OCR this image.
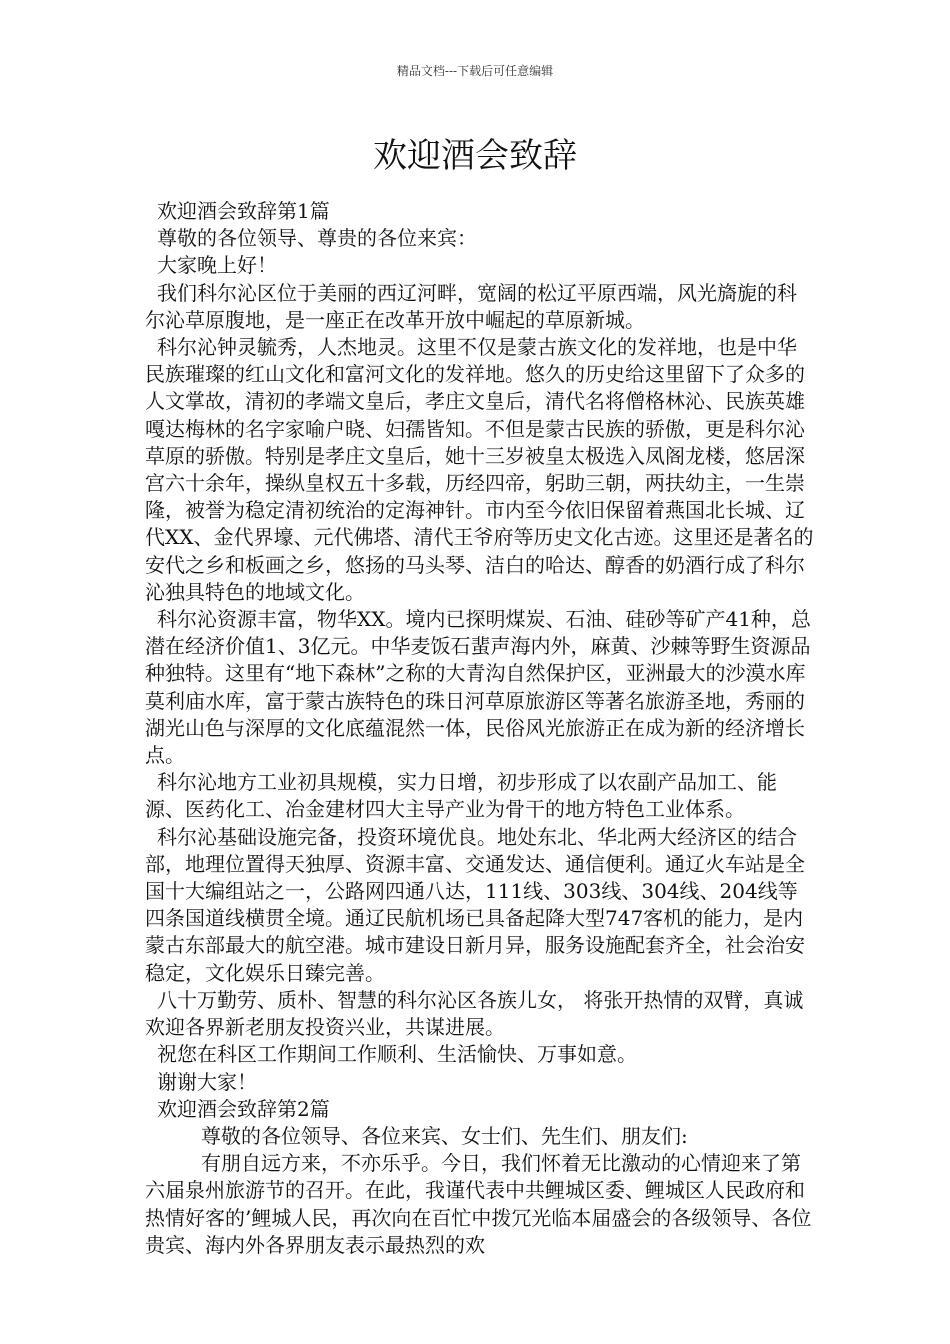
精品文档---下载后可任意编辑
欢迎酒会致辞

欢迎酒会致辞第1篇

尊敬的各位领导、尊贵的各位来宾：

大家晚上好！

我们科尔沁区位于美丽的西辽河畔，宽阔的松辽平原西端，风光旖旎的科尔沁草原腹地，是一座正在改革开放中崛起的草原新城。

科尔沁钟灵毓秀，人杰地灵。这里不仅是蒙古族文化的发祥地，也是中华民族璀璨的红山文化和富河文化的发祥地。悠久的历史给这里留下了众多的人文掌故，清初的孝端文皇后，孝庄文皇后，清代名将僧格林沁、民族英雄嘎达梅林的名字家喻户晓、妇孺皆知。不但是蒙古民族的骄傲，更是科尔沁草原的骄傲。特别是孝庄文皇后，她十三岁被皇太极选入凤阁龙楼，悠居深宫六十余年，操纵皇权五十多载，历经四帝，躬助三朝，两扶幼主，一生崇隆，被誉为稳定清初统治的定海神针。市内至今依旧保留着燕国北长城、辽代XX、金代界壕、元代佛塔、清代王爷府等历史文化古迹。这里还是著名的安代之乡和板画之乡，悠扬的马头琴、洁白的哈达、醇香的奶酒行成了科尔沁独具特色的地域文化。

科尔沁资源丰富，物华XX。境内已探明煤炭、石油、硅砂等矿产41种，总潜在经济价值1、3亿元。中华麦饭石蜚声海内外，麻黄、沙棘等野生资源品种独特。这里有“地下森林”之称的大青沟自然保护区，亚洲最大的沙漠水库莫利庙水库，富于蒙古族特色的珠日河草原旅游区等著名旅游圣地，秀丽的湖光山色与深厚的文化底蕴混然一体，民俗风光旅游正在成为新的经济增长点。

科尔沁地方工业初具规模，实力日增，初步形成了以农副产品加工、能源、医药化工、冶金建材四大主导产业为骨干的地方特色工业体系。

科尔沁基础设施完备，投资环境优良。地处东北、华北两大经济区的结合部，地理位置得天独厚、资源丰富、交通发达、通信便利。通辽火车站是全国十大编组站之一，公路网四通八达，111线、303线、304线、204线等四条国道线横贯全境。通辽民航机场已具备起降大型747客机的能力，是内蒙古东部最大的航空港。城市建设日新月异，服务设施配套齐全，社会治安稳定，文化娱乐日臻完善。

八十万勤劳、质朴、智慧的科尔沁区各族儿女， 将张开热情的双臂，真诚欢迎各界新老朋友投资兴业，共谋进展。

祝您在科区工作期间工作顺利、生活愉快、万事如意。

谢谢大家！

欢迎酒会致辞第2篇

尊敬的各位领导、各位来宾、女士们、先生们、朋友们:

有朋自远方来，不亦乐乎。今日，我们怀着无比激动的心情迎来了第六届泉州旅游节的召开。在此，我谨代表中共鲤城区委、鲤城区人民政府和热情好客的’鲤城人民，再次向在百忙中拨冗光临本届盛会的各级领导、各位贵宾、海内外各界朋友表示最热烈的欢
